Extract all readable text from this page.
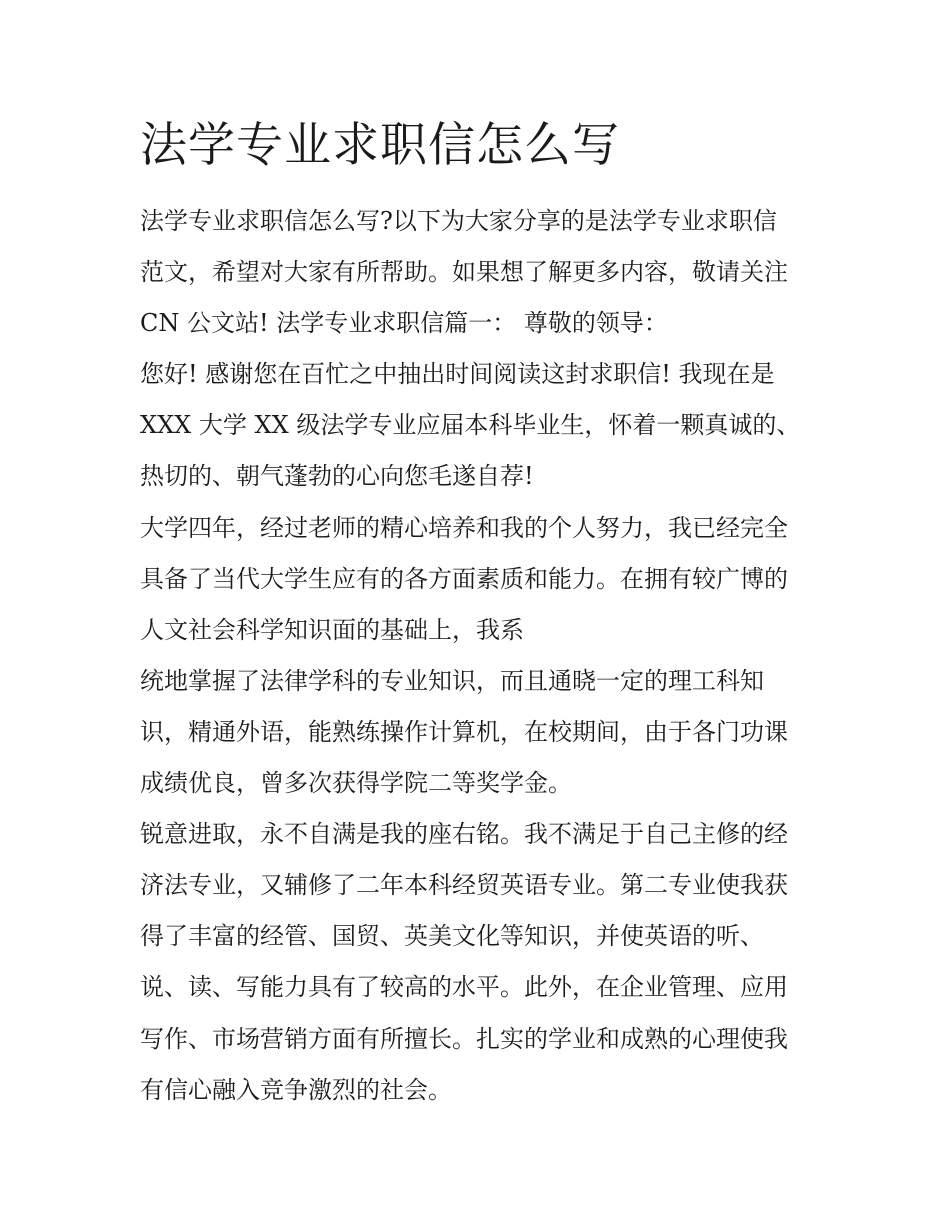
法学专业求职信怎么写
法学专业求职信怎么写?以下为大家分享的是法学专业求职信
范文，希望对大家有所帮助。如果想了解更多内容，敬请关注
CN 公文站! 法学专业求职信篇一： 尊敬的领导：
您好! 感谢您在百忙之中抽出时间阅读这封求职信! 我现在是
XXX 大学 XX 级法学专业应届本科毕业生，怀着一颗真诚的、
热切的、朝气蓬勃的心向您毛遂自荐!
大学四年，经过老师的精心培养和我的个人努力，我已经完全
具备了当代大学生应有的各方面素质和能力。在拥有较广博的
人文社会科学知识面的基础上，我系
统地掌握了法律学科的专业知识，而且通晓一定的理工科知
识，精通外语，能熟练操作计算机，在校期间，由于各门功课
成绩优良，曾多次获得学院二等奖学金。
锐意进取，永不自满是我的座右铭。我不满足于自己主修的经
济法专业，又辅修了二年本科经贸英语专业。第二专业使我获
得了丰富的经管、国贸、英美文化等知识，并使英语的听、
说、读、写能力具有了较高的水平。此外，在企业管理、应用
写作、市场营销方面有所擅长。扎实的学业和成熟的心理使我
有信心融入竞争激烈的社会。
